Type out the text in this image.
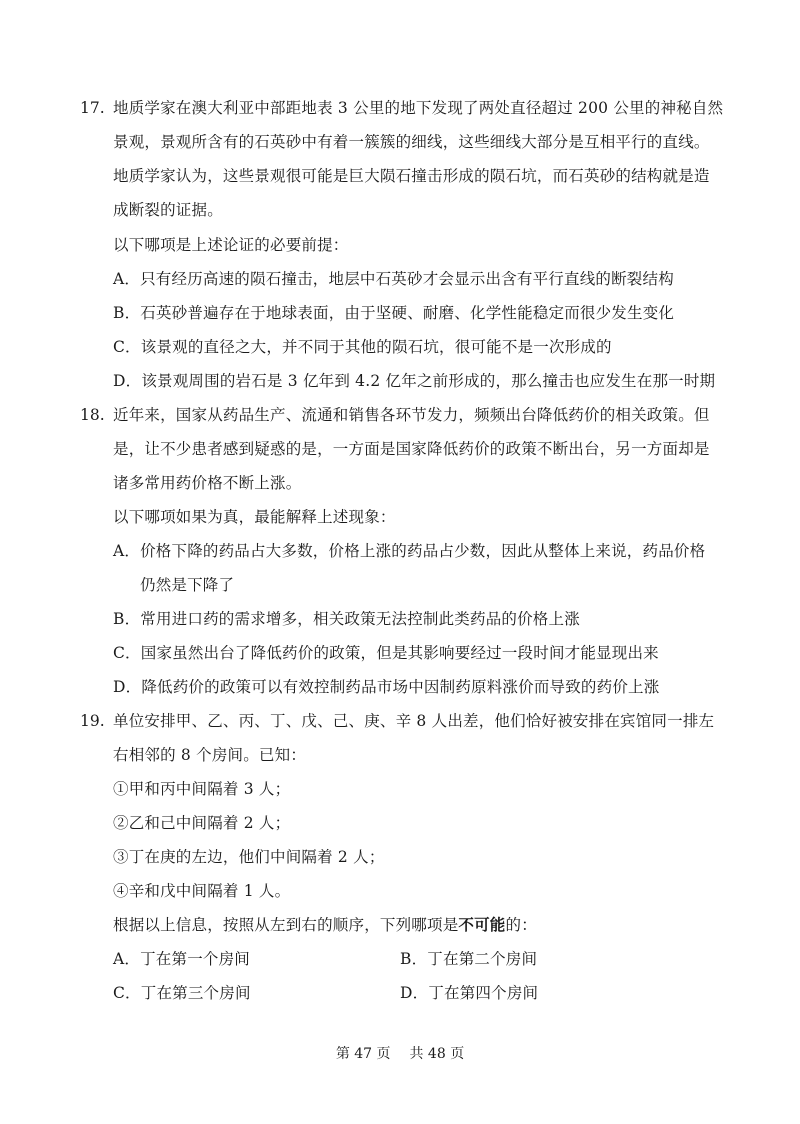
17. 地质学家在澳大利亚中部距地表 3 公里的地下发现了两处直径超过 200 公里的神秘自然
景观，景观所含有的石英砂中有着一簇簇的细线，这些细线大部分是互相平行的直线。
地质学家认为，这些景观很可能是巨大陨石撞击形成的陨石坑，而石英砂的结构就是造
成断裂的证据。
以下哪项是上述论证的必要前提：
A．只有经历高速的陨石撞击，地层中石英砂才会显示出含有平行直线的断裂结构
B．石英砂普遍存在于地球表面，由于坚硬、耐磨、化学性能稳定而很少发生变化
C．该景观的直径之大，并不同于其他的陨石坑，很可能不是一次形成的
D．该景观周围的岩石是 3 亿年到 4.2 亿年之前形成的，那么撞击也应发生在那一时期
18. 近年来，国家从药品生产、流通和销售各环节发力，频频出台降低药价的相关政策。但
是，让不少患者感到疑惑的是，一方面是国家降低药价的政策不断出台，另一方面却是
诸多常用药价格不断上涨。
以下哪项如果为真，最能解释上述现象：
A．价格下降的药品占大多数，价格上涨的药品占少数，因此从整体上来说，药品价格
仍然是下降了
B．常用进口药的需求增多，相关政策无法控制此类药品的价格上涨
C．国家虽然出台了降低药价的政策，但是其影响要经过一段时间才能显现出来
D．降低药价的政策可以有效控制药品市场中因制药原料涨价而导致的药价上涨
19. 单位安排甲、乙、丙、丁、戊、己、庚、辛 8 人出差，他们恰好被安排在宾馆同一排左
右相邻的 8 个房间。已知：
①甲和丙中间隔着 3 人；
②乙和己中间隔着 2 人；
③丁在庚的左边，他们中间隔着 2 人；
④辛和戊中间隔着 1 人。
根据以上信息，按照从左到右的顺序，下列哪项是不可能的：
A．丁在第一个房间	B．丁在第二个房间
C．丁在第三个房间	D．丁在第四个房间
第 47 页 共 48 页
